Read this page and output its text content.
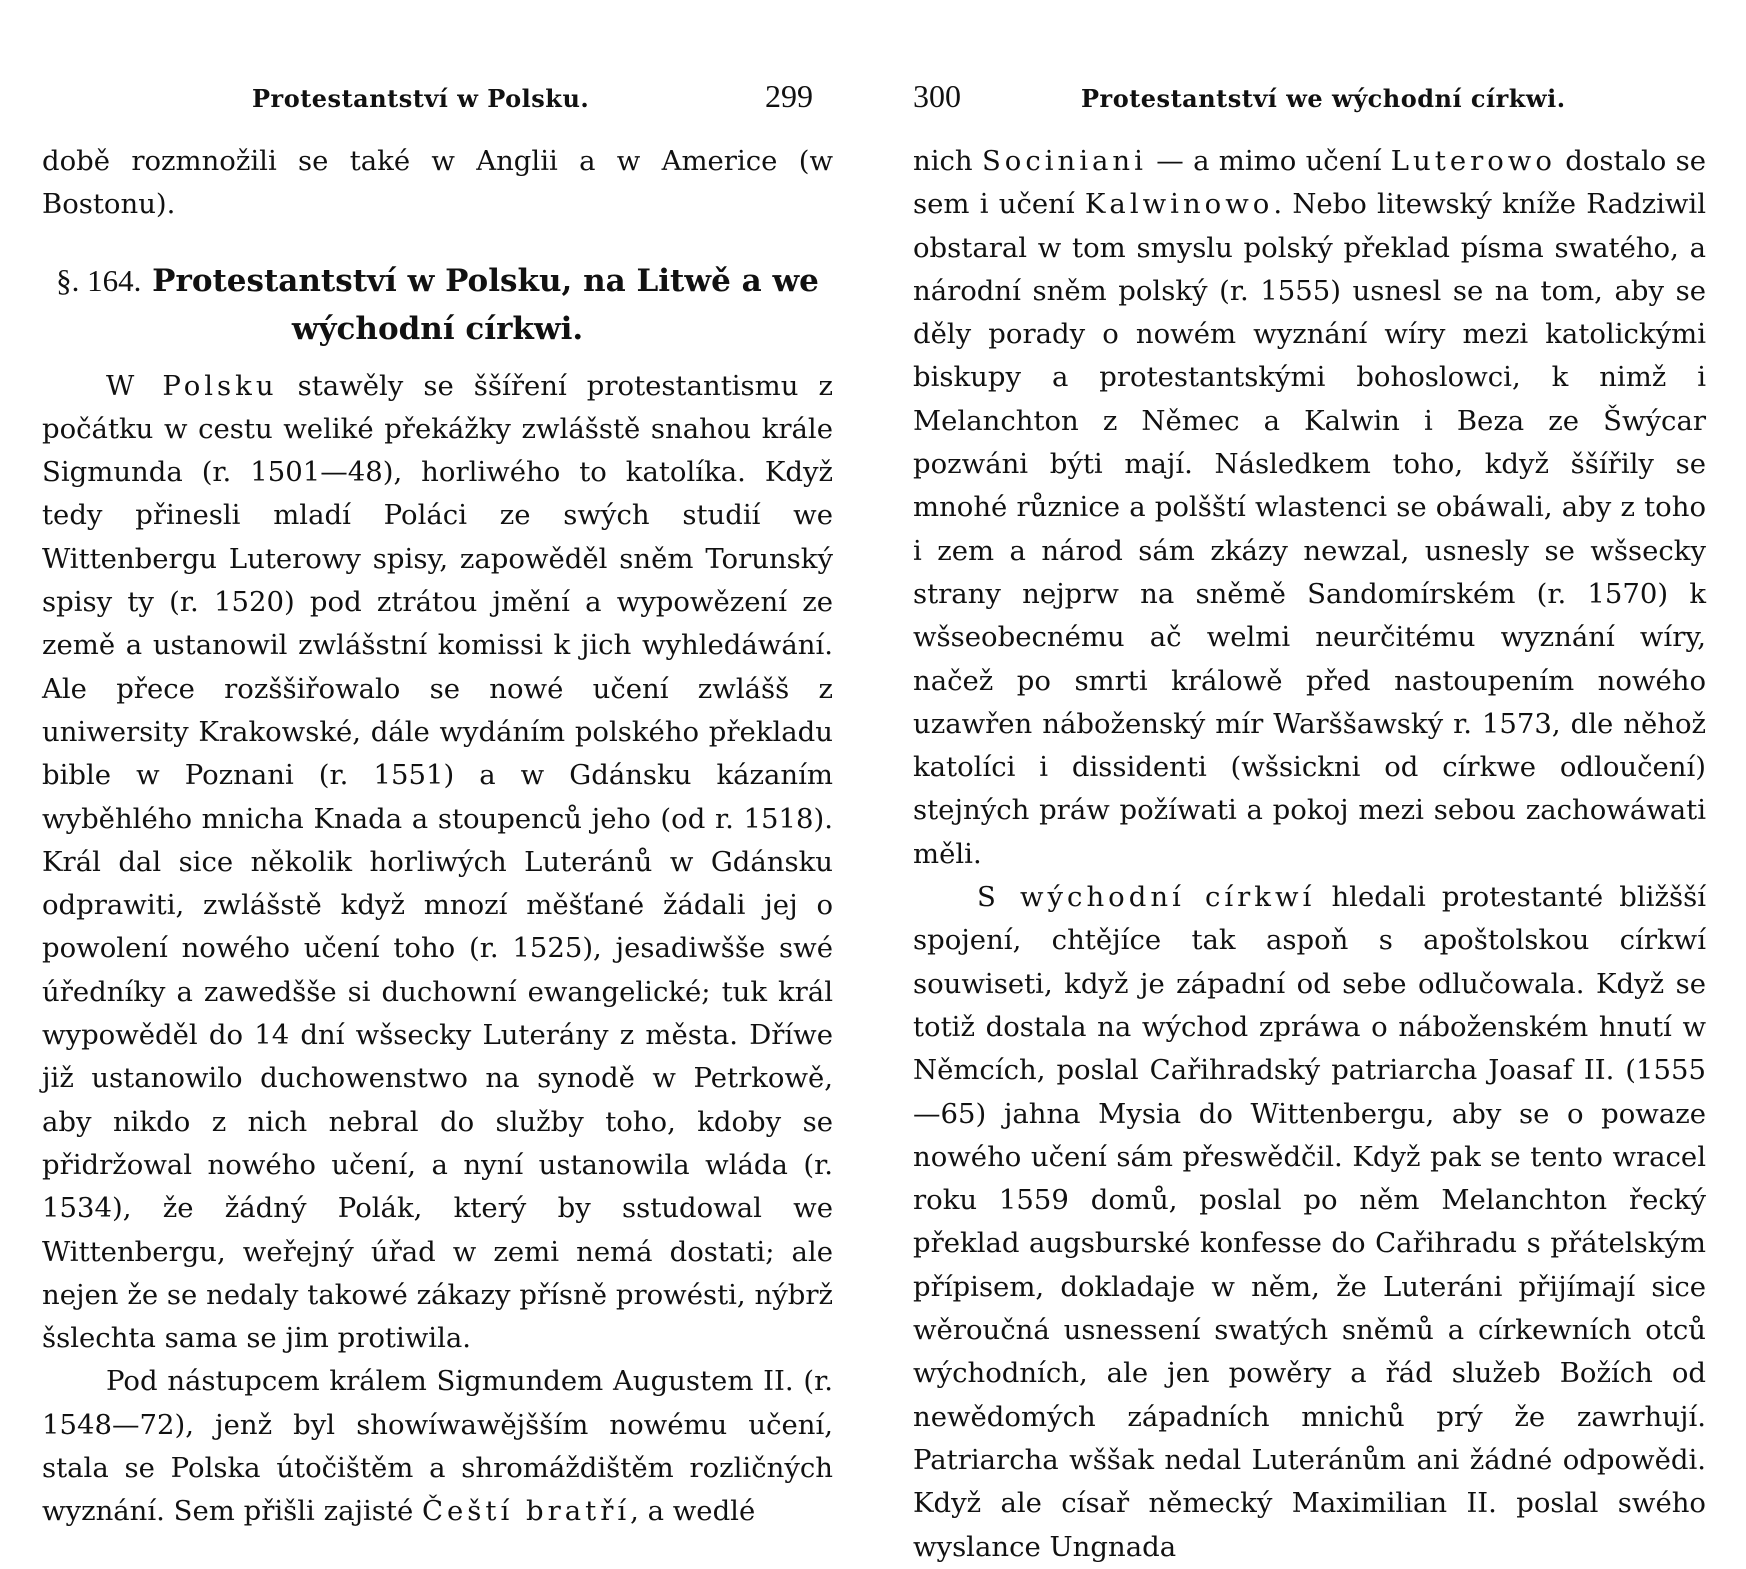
Protestantství w Polsku.	299

době rozmnožili se také w Anglii a w Americe (w Bostonu).

§. 164. Protestantství w Polsku, na Litwě a we wýchodní církwi.

W Polsku stawěly se ššíření protestantismu z počátku w cestu weliké překážky zwlášstě snahou krále Sigmunda (r. 1501—48), horliwého to katolíka. Když tedy přinesli mladí Poláci ze swých studií we Wittenbergu Luterowy spisy, zapowěděl sněm Torunský spisy ty (r. 1520) pod ztrátou jmění a wypowězení ze země a ustanowil zwlášstní komissi k jich wyhledáwání. Ale přece rozššiřowalo se nowé učení zwlášš z uniwersity Krakowské, dále wydáním polského překladu bible w Poznani (r. 1551) a w Gdánsku kázaním wyběhlého mnicha Knada a stoupenců jeho (od r. 1518). Král dal sice několik horliwých Luteránů w Gdánsku odprawiti, zwlášstě když mnozí měšťané žádali jej o powolení nowého učení toho (r. 1525), jesadiwšše swé úředníky a zawedšše si duchowní ewangelické; tuk král wypowěděl do 14 dní wšsecky Luterány z města. Dříwe již ustanowilo duchowenstwo na synodě w Petrkowě, aby nikdo z nich nebral do služby toho, kdoby se přidržowal nowého učení, a nyní ustanowila wláda (r. 1534), že žádný Polák, který by sstudowal we Wittenbergu, weřejný úřad w zemi nemá dostati; ale nejen že se nedaly takowé zákazy přísně prowésti, nýbrž šslechta sama se jim protiwila.

Pod nástupcem králem Sigmundem Augustem II. (r. 1548—72), jenž byl showíwawějšším nowému učení, stala se Polska útočištěm a shromáždištěm rozličných wyznání. Sem přišli zajisté Čeští bratří, a wedlé

300	Protestantství we wýchodní církwi.

nich Sociniani — a mimo učení Luterowo dostalo se sem i učení Kalwinowo. Nebo litewský kníže Radziwil obstaral w tom smyslu polský překlad písma swatého, a národní sněm polský (r. 1555) usnesl se na tom, aby se děly porady o nowém wyznání wíry mezi katolickými biskupy a protestantskými bohoslowci, k nimž i Melanchton z Němec a Kalwin i Beza ze Šwýcar pozwáni býti mají. Následkem toho, když ššířily se mnohé různice a polšští wlastenci se obáwali, aby z toho i zem a národ sám zkázy newzal, usnesly se wšsecky strany nejprw na sněmě Sandomírském (r. 1570) k wšseobecnému ač welmi neurčitému wyznání wíry, načež po smrti králowě před nastoupením nowého uzawřen náboženský mír Warššawský r. 1573, dle něhož katolíci i dissidenti (wšsickni od církwe odloučení) stejných práw požíwati a pokoj mezi sebou zachowáwati měli.

S wýchodní církwí hledali protestanté bližšší spojení, chtějíce tak aspoň s apoštolskou církwí souwiseti, když je západní od sebe odlučowala. Když se totiž dostala na wýchod zpráwa o náboženském hnutí w Němcích, poslal Cařihradský patriarcha Joasaf II. (1555—65) jahna Mysia do Wittenbergu, aby se o powaze nowého učení sám přeswědčil. Když pak se tento wracel roku 1559 domů, poslal po něm Melanchton řecký překlad augsburské konfesse do Cařihradu s přátelským přípisem, dokladaje w něm, že Luteráni přijímají sice wěroučná usnessení swatých sněmů a církewních otců wýchodních, ale jen powěry a řád služeb Božích od newědomých západních mnichů prý že zawrhují. Patriarcha wššak nedal Luteránům ani žádné odpowědi. Když ale císař německý Maximilian II. poslal swého wyslance Ungnada
